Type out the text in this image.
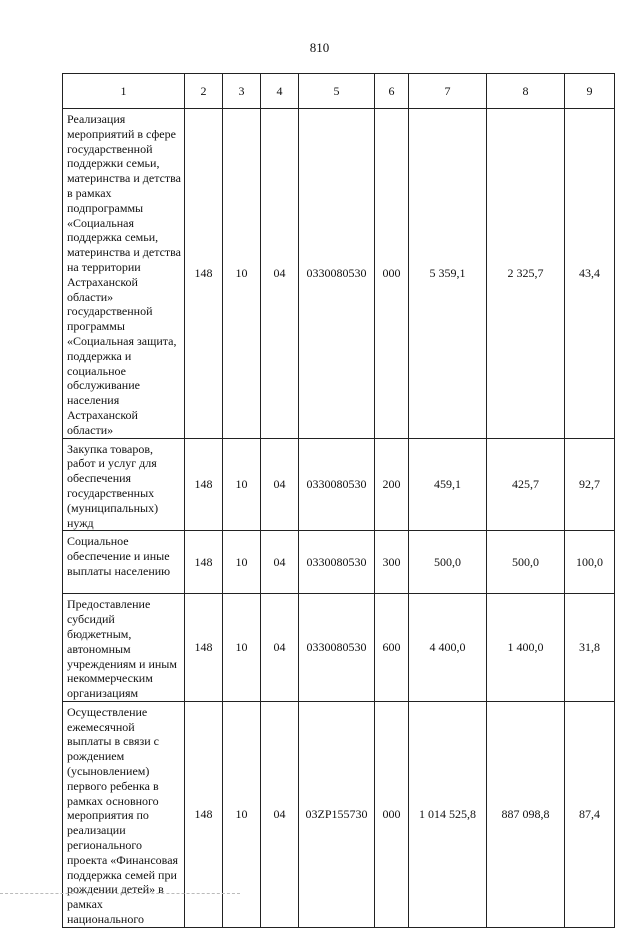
810
1	2	3	4	5	6	7	8	9
Реализация мероприятий в сфере государственной поддержки семьи, материнства и детства в рамках подпрограммы «Социальная поддержка семьи, материнства и детства на территории Астраханской области» государственной программы «Социальная защита, поддержка и социальное обслуживание населения Астраханской области»	148	10	04	0330080530	000	5 359,1	2 325,7	43,4
Закупка товаров, работ и услуг для обеспечения государственных (муниципальных) нужд	148	10	04	0330080530	200	459,1	425,7	92,7
Социальное обеспечение и иные выплаты населению	148	10	04	0330080530	300	500,0	500,0	100,0
Предоставление субсидий бюджетным, автономным учреждениям и иным некоммерческим организациям	148	10	04	0330080530	600	4 400,0	1 400,0	31,8
Осуществление ежемесячной выплаты в связи с рождением (усыновлением) первого ребенка в рамках основного мероприятия по реализации регионального проекта «Финансовая поддержка семей при рождении детей» в рамках национального	148	10	04	03ZP155730	000	1 014 525,8	887 098,8	87,4
